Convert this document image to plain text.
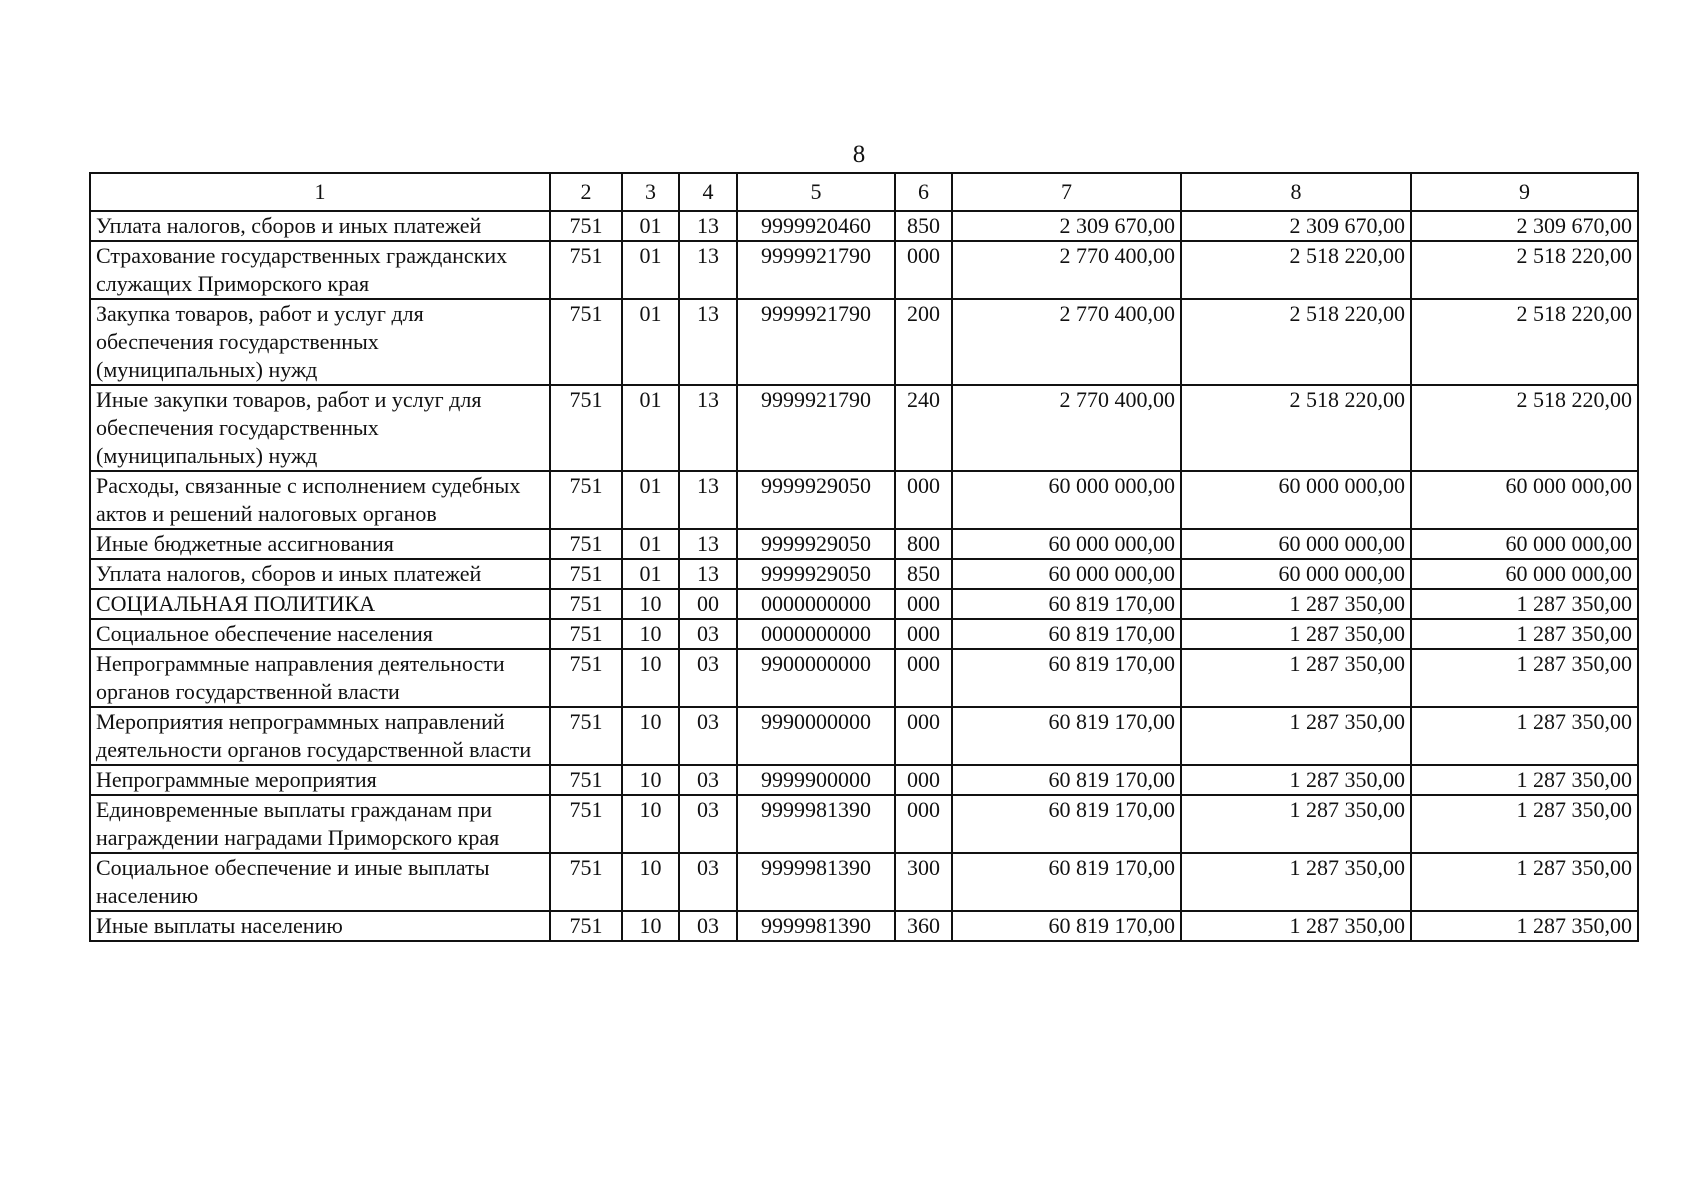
8
1	2	3	4	5	6	7	8	9
Уплата налогов, сборов и иных платежей	751	01	13	9999920460	850	2 309 670,00	2 309 670,00	2 309 670,00
Страхование государственных гражданских служащих Приморского края	751	01	13	9999921790	000	2 770 400,00	2 518 220,00	2 518 220,00
Закупка товаров, работ и услуг для обеспечения государственных (муниципальных) нужд	751	01	13	9999921790	200	2 770 400,00	2 518 220,00	2 518 220,00
Иные закупки товаров, работ и услуг для обеспечения государственных (муниципальных) нужд	751	01	13	9999921790	240	2 770 400,00	2 518 220,00	2 518 220,00
Расходы, связанные с исполнением судебных актов и решений налоговых органов	751	01	13	9999929050	000	60 000 000,00	60 000 000,00	60 000 000,00
Иные бюджетные ассигнования	751	01	13	9999929050	800	60 000 000,00	60 000 000,00	60 000 000,00
Уплата налогов, сборов и иных платежей	751	01	13	9999929050	850	60 000 000,00	60 000 000,00	60 000 000,00
СОЦИАЛЬНАЯ ПОЛИТИКА	751	10	00	0000000000	000	60 819 170,00	1 287 350,00	1 287 350,00
Социальное обеспечение населения	751	10	03	0000000000	000	60 819 170,00	1 287 350,00	1 287 350,00
Непрограммные направления деятельности органов государственной власти	751	10	03	9900000000	000	60 819 170,00	1 287 350,00	1 287 350,00
Мероприятия непрограммных направлений деятельности органов государственной власти	751	10	03	9990000000	000	60 819 170,00	1 287 350,00	1 287 350,00
Непрограммные мероприятия	751	10	03	9999900000	000	60 819 170,00	1 287 350,00	1 287 350,00
Единовременные выплаты гражданам при награждении наградами Приморского края	751	10	03	9999981390	000	60 819 170,00	1 287 350,00	1 287 350,00
Социальное обеспечение и иные выплаты населению	751	10	03	9999981390	300	60 819 170,00	1 287 350,00	1 287 350,00
Иные выплаты населению	751	10	03	9999981390	360	60 819 170,00	1 287 350,00	1 287 350,00
